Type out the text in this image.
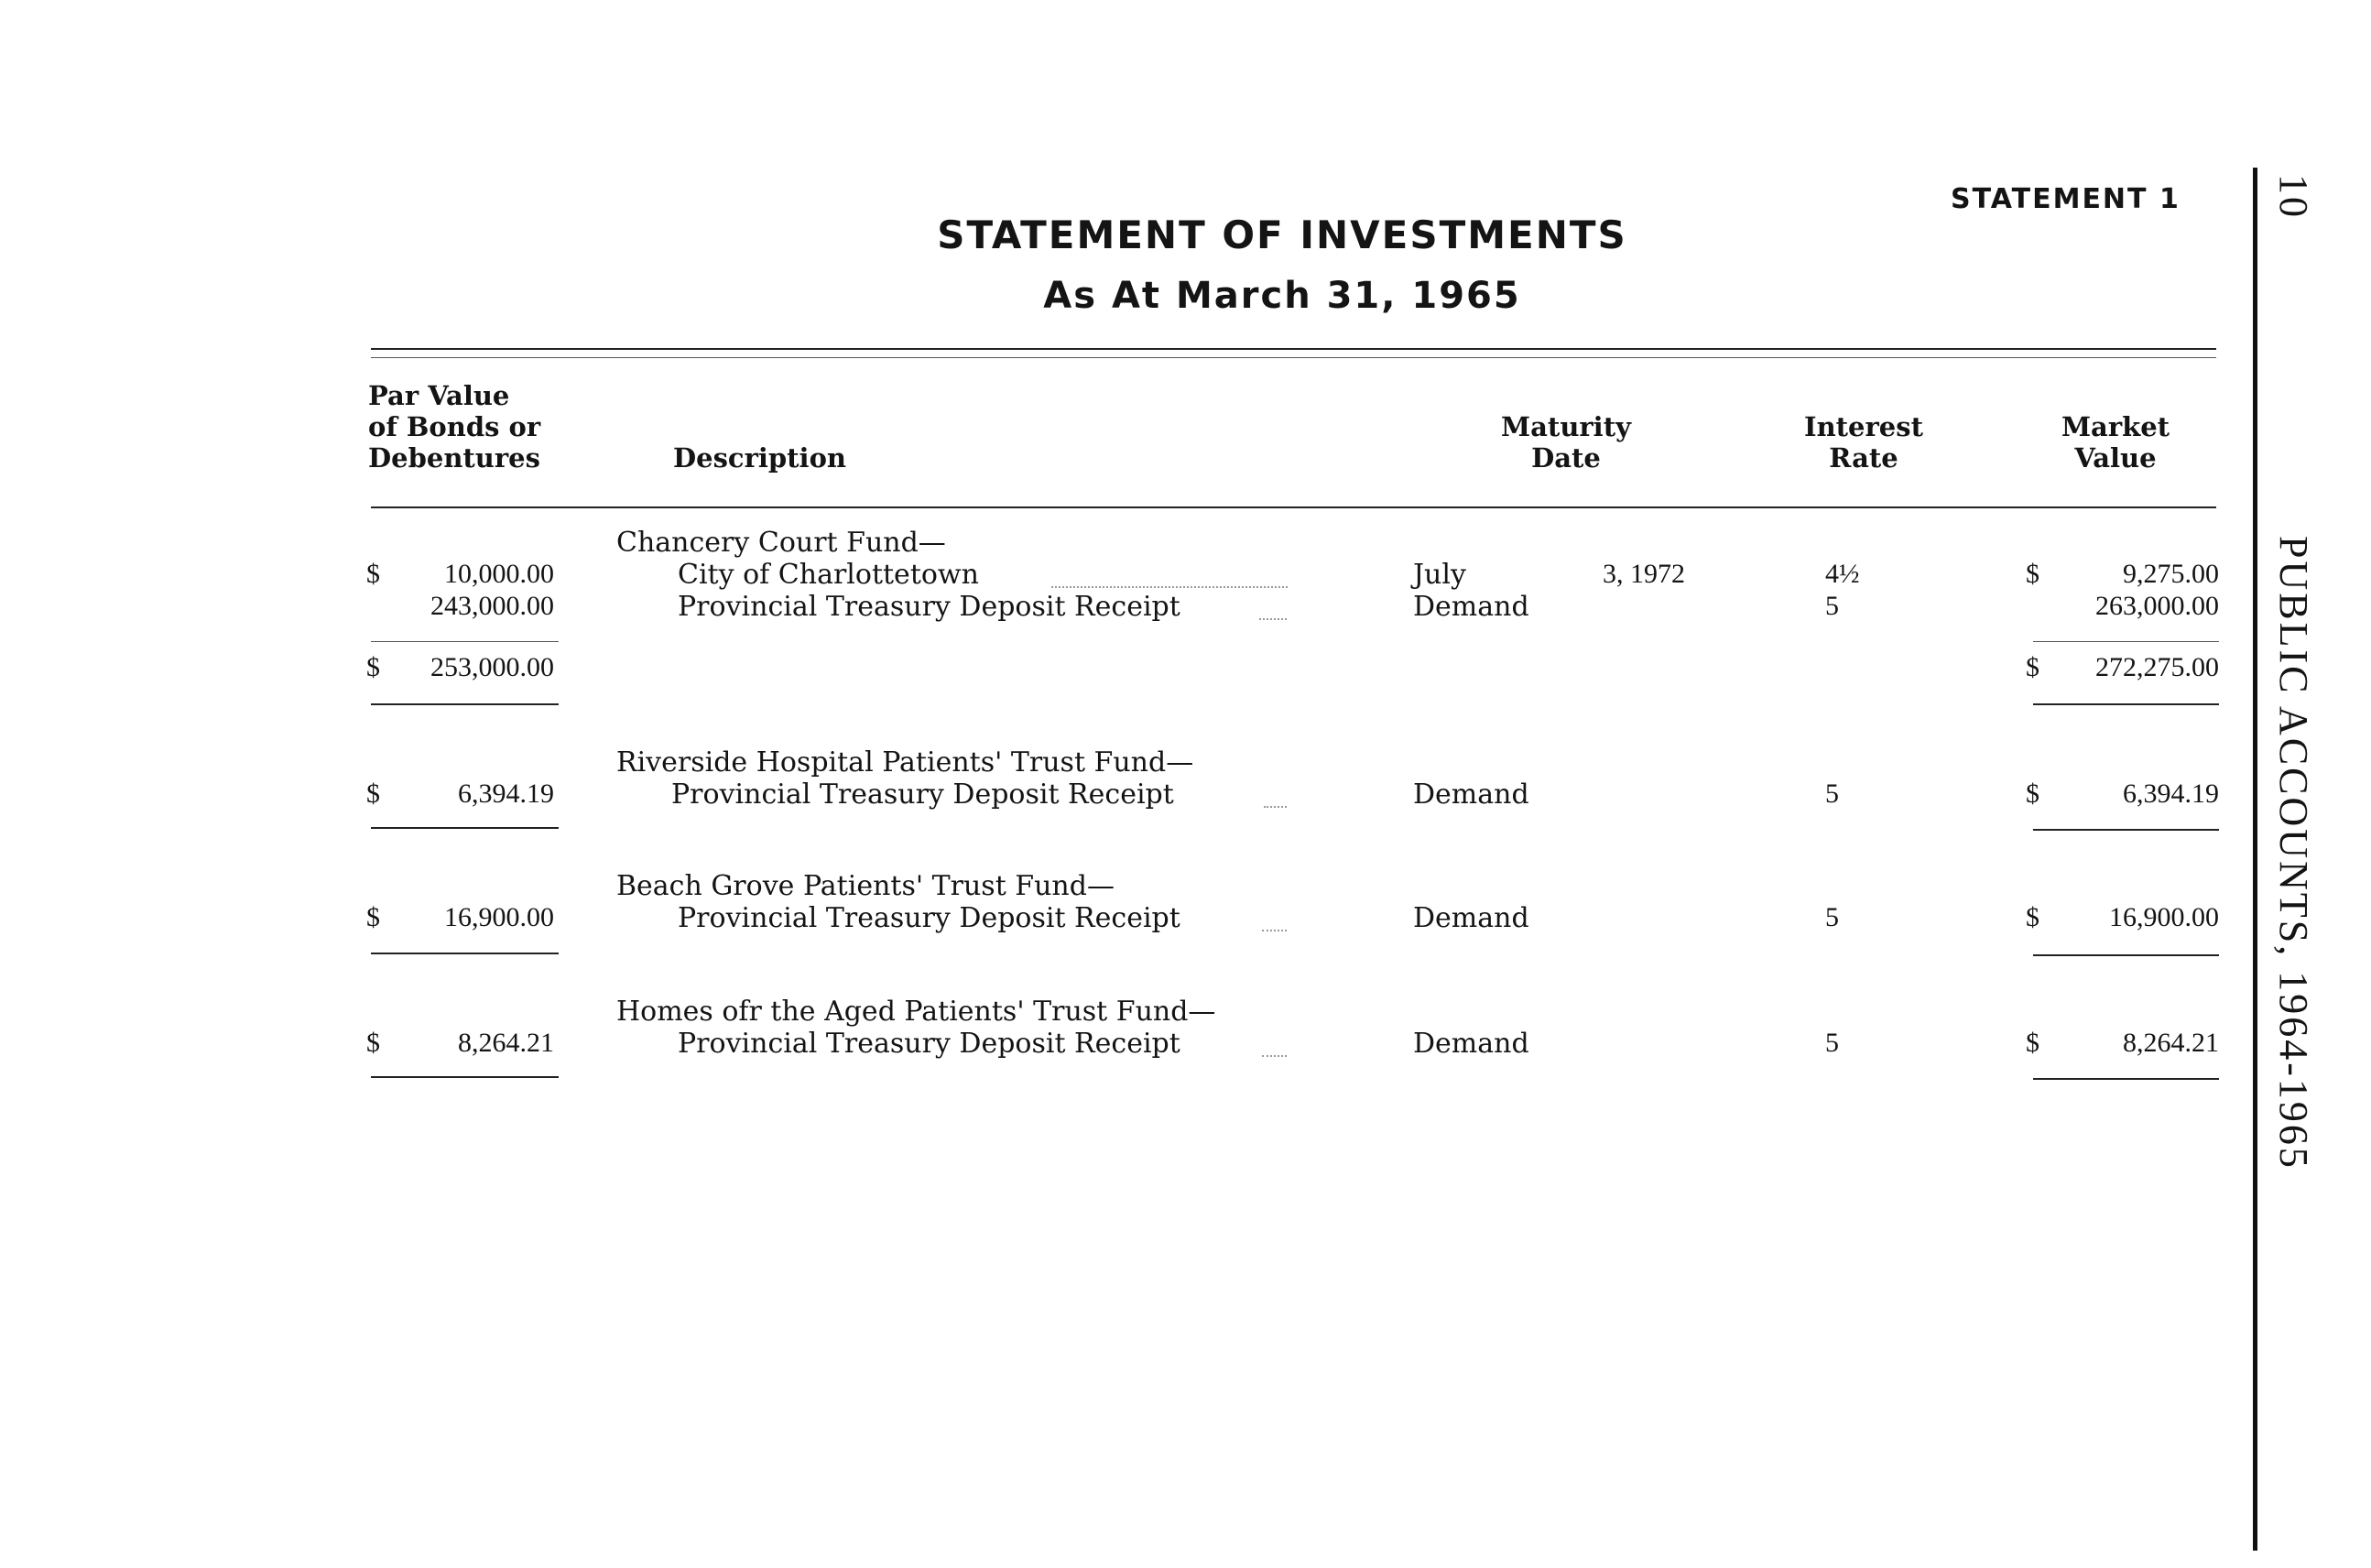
STATEMENT 1
STATEMENT OF INVESTMENTS
As At March 31, 1965
Par Value
of Bonds or
Debentures	Description
Maturity
Date
Interest
Rate
Market
Value
Chancery Court Fund—
$	10,000.00	City of Charlottetown	July	3, 1972	4½	$	9,275.00
243,000.00	Provincial Treasury Deposit Receipt	Demand	5	263,000.00
$	253,000.00	$	272,275.00
Riverside Hospital Patients' Trust Fund—
$	6,394.19	Provincial Treasury Deposit Receipt	Demand	5	$	6,394.19
Beach Grove Patients' Trust Fund—
$	16,900.00	Provincial Treasury Deposit Receipt	Demand	5	$	16,900.00
Homes ofr the Aged Patients' Trust Fund—
$	8,264.21	Provincial Treasury Deposit Receipt	Demand	5	$	8,264.21
10
PUBLIC ACCOUNTS, 1964-1965
